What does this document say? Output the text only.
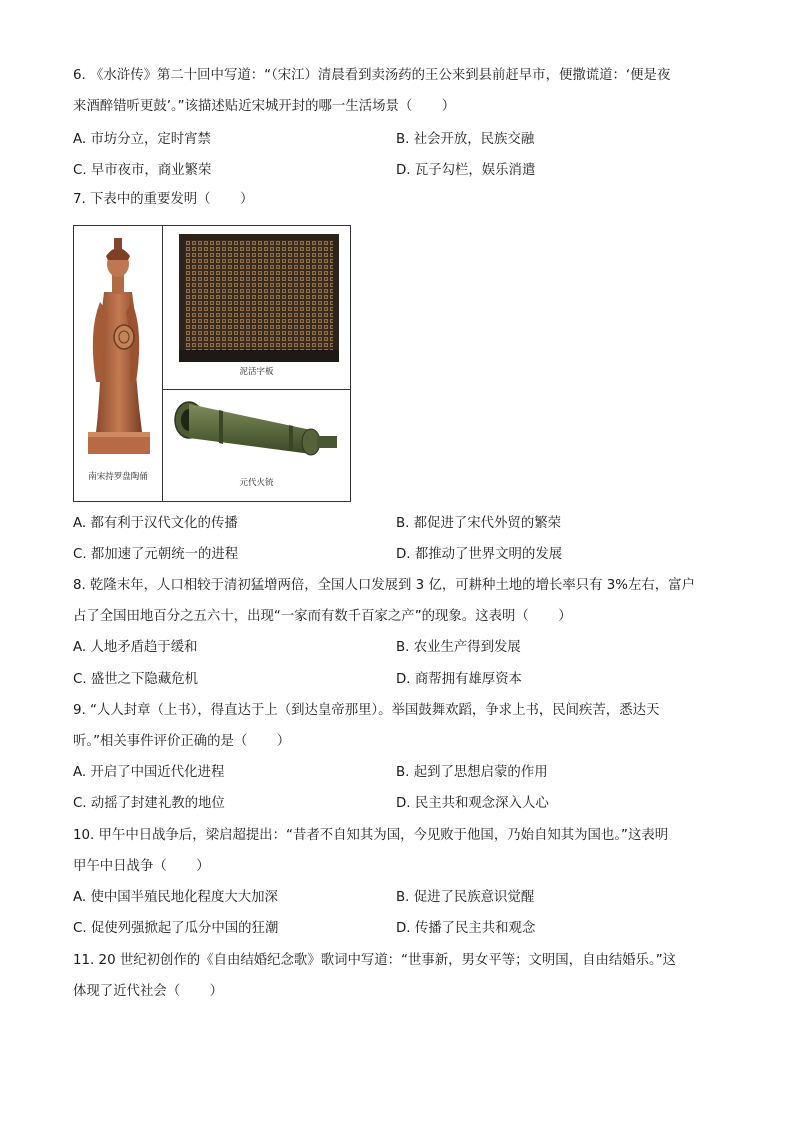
6. 《水浒传》第二十回中写道：“（宋江）清晨看到卖汤药的王公来到县前赶早市，便撒谎道：‘便是夜
来酒醉错听更鼓’。”该描述贴近宋城开封的哪一生活场景（ ）
A. 市坊分立，定时宵禁	B. 社会开放，民族交融
C. 早市夜市，商业繁荣	D. 瓦子勾栏，娱乐消遣
7. 下表中的重要发明（ ）
南宋持罗盘陶俑
泥活字板
元代火铳
A. 都有利于汉代文化的传播	B. 都促进了宋代外贸的繁荣
C. 都加速了元朝统一的进程	D. 都推动了世界文明的发展
8. 乾隆末年，人口相较于清初猛增两倍，全国人口发展到 3 亿，可耕种土地的增长率只有 3%左右，富户
占了全国田地百分之五六十，出现“一家而有数千百家之产”的现象。这表明（ ）
A. 人地矛盾趋于缓和	B. 农业生产得到发展
C. 盛世之下隐藏危机	D. 商帮拥有雄厚资本
9. “人人封章（上书），得直达于上（到达皇帝那里）。举国鼓舞欢蹈，争求上书，民间疾苦，悉达天
听。”相关事件评价正确的是（ ）
A. 开启了中国近代化进程	B. 起到了思想启蒙的作用
C. 动摇了封建礼教的地位	D. 民主共和观念深入人心
10. 甲午中日战争后，梁启超提出：“昔者不自知其为国，今见败于他国，乃始自知其为国也。”这表明
甲午中日战争（ ）
A. 使中国半殖民地化程度大大加深	B. 促进了民族意识觉醒
C. 促使列强掀起了瓜分中国的狂潮	D. 传播了民主共和观念
11. 20 世纪初创作的《自由结婚纪念歌》歌词中写道：“世事新，男女平等；文明国，自由结婚乐。”这
体现了近代社会（ ）
